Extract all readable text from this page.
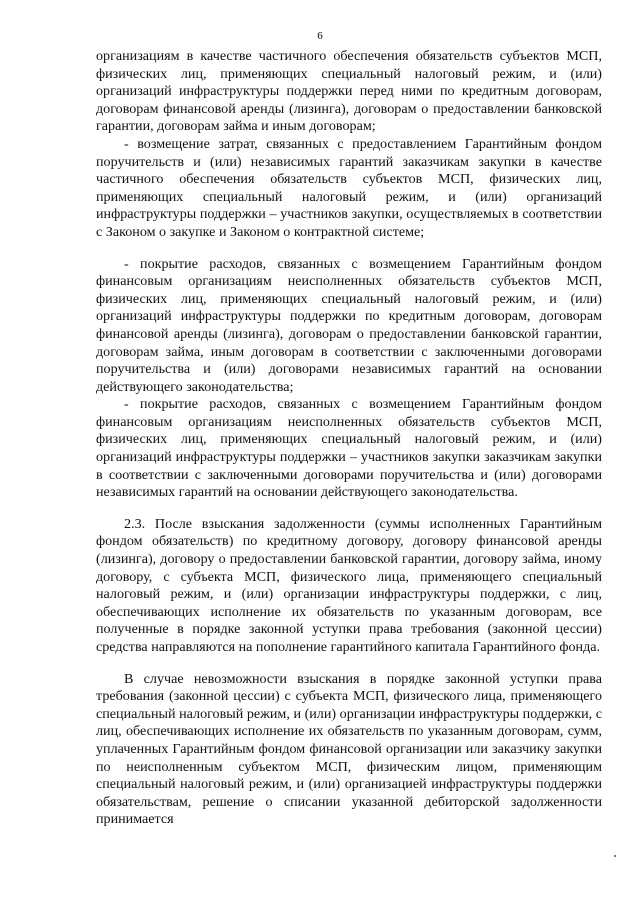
6

организациям в качестве частичного обеспечения обязательств субъектов МСП, физических лиц, применяющих специальный налоговый режим, и (или) организаций инфраструктуры поддержки перед ними по кредитным договорам, договорам финансовой аренды (лизинга), договорам о предоставлении банковской гарантии, договорам займа и иным договорам;

- возмещение затрат, связанных с предоставлением Гарантийным фондом поручительств и (или) независимых гарантий заказчикам закупки в качестве частичного обеспечения обязательств субъектов МСП, физических лиц, применяющих специальный налоговый режим, и (или) организаций инфраструктуры поддержки – участников закупки, осуществляемых в соответствии с Законом о закупке и Законом о контрактной системе;

- покрытие расходов, связанных с возмещением Гарантийным фондом финансовым организациям неисполненных обязательств субъектов МСП, физических лиц, применяющих специальный налоговый режим, и (или) организаций инфраструктуры поддержки по кредитным договорам, договорам финансовой аренды (лизинга), договорам о предоставлении банковской гарантии, договорам займа, иным договорам в соответствии с заключенными договорами поручительства и (или) договорами независимых гарантий на основании действующего законодательства;

- покрытие расходов, связанных с возмещением Гарантийным фондом финансовым организациям неисполненных обязательств субъектов МСП, физических лиц, применяющих специальный налоговый режим, и (или) организаций инфраструктуры поддержки – участников закупки заказчикам закупки в соответствии с заключенными договорами поручительства и (или) договорами независимых гарантий на основании действующего законодательства.

2.3. После взыскания задолженности (суммы исполненных Гарантийным фондом обязательств) по кредитному договору, договору финансовой аренды (лизинга), договору о предоставлении банковской гарантии, договору займа, иному договору, с субъекта МСП, физического лица, применяющего специальный налоговый режим, и (или) организации инфраструктуры поддержки, с лиц, обеспечивающих исполнение их обязательств по указанным договорам, все полученные в порядке законной уступки права требования (законной цессии) средства направляются на пополнение гарантийного капитала Гарантийного фонда.

В случае невозможности взыскания в порядке законной уступки права требования (законной цессии) с субъекта МСП, физического лица, применяющего специальный налоговый режим, и (или) организации инфраструктуры поддержки, с лиц, обеспечивающих исполнение их обязательств по указанным договорам, сумм, уплаченных Гарантийным фондом финансовой организации или заказчику закупки по неисполненным субъектом МСП, физическим лицом, применяющим специальный налоговый режим, и (или) организацией инфраструктуры поддержки обязательствам, решение о списании указанной дебиторской задолженности принимается
